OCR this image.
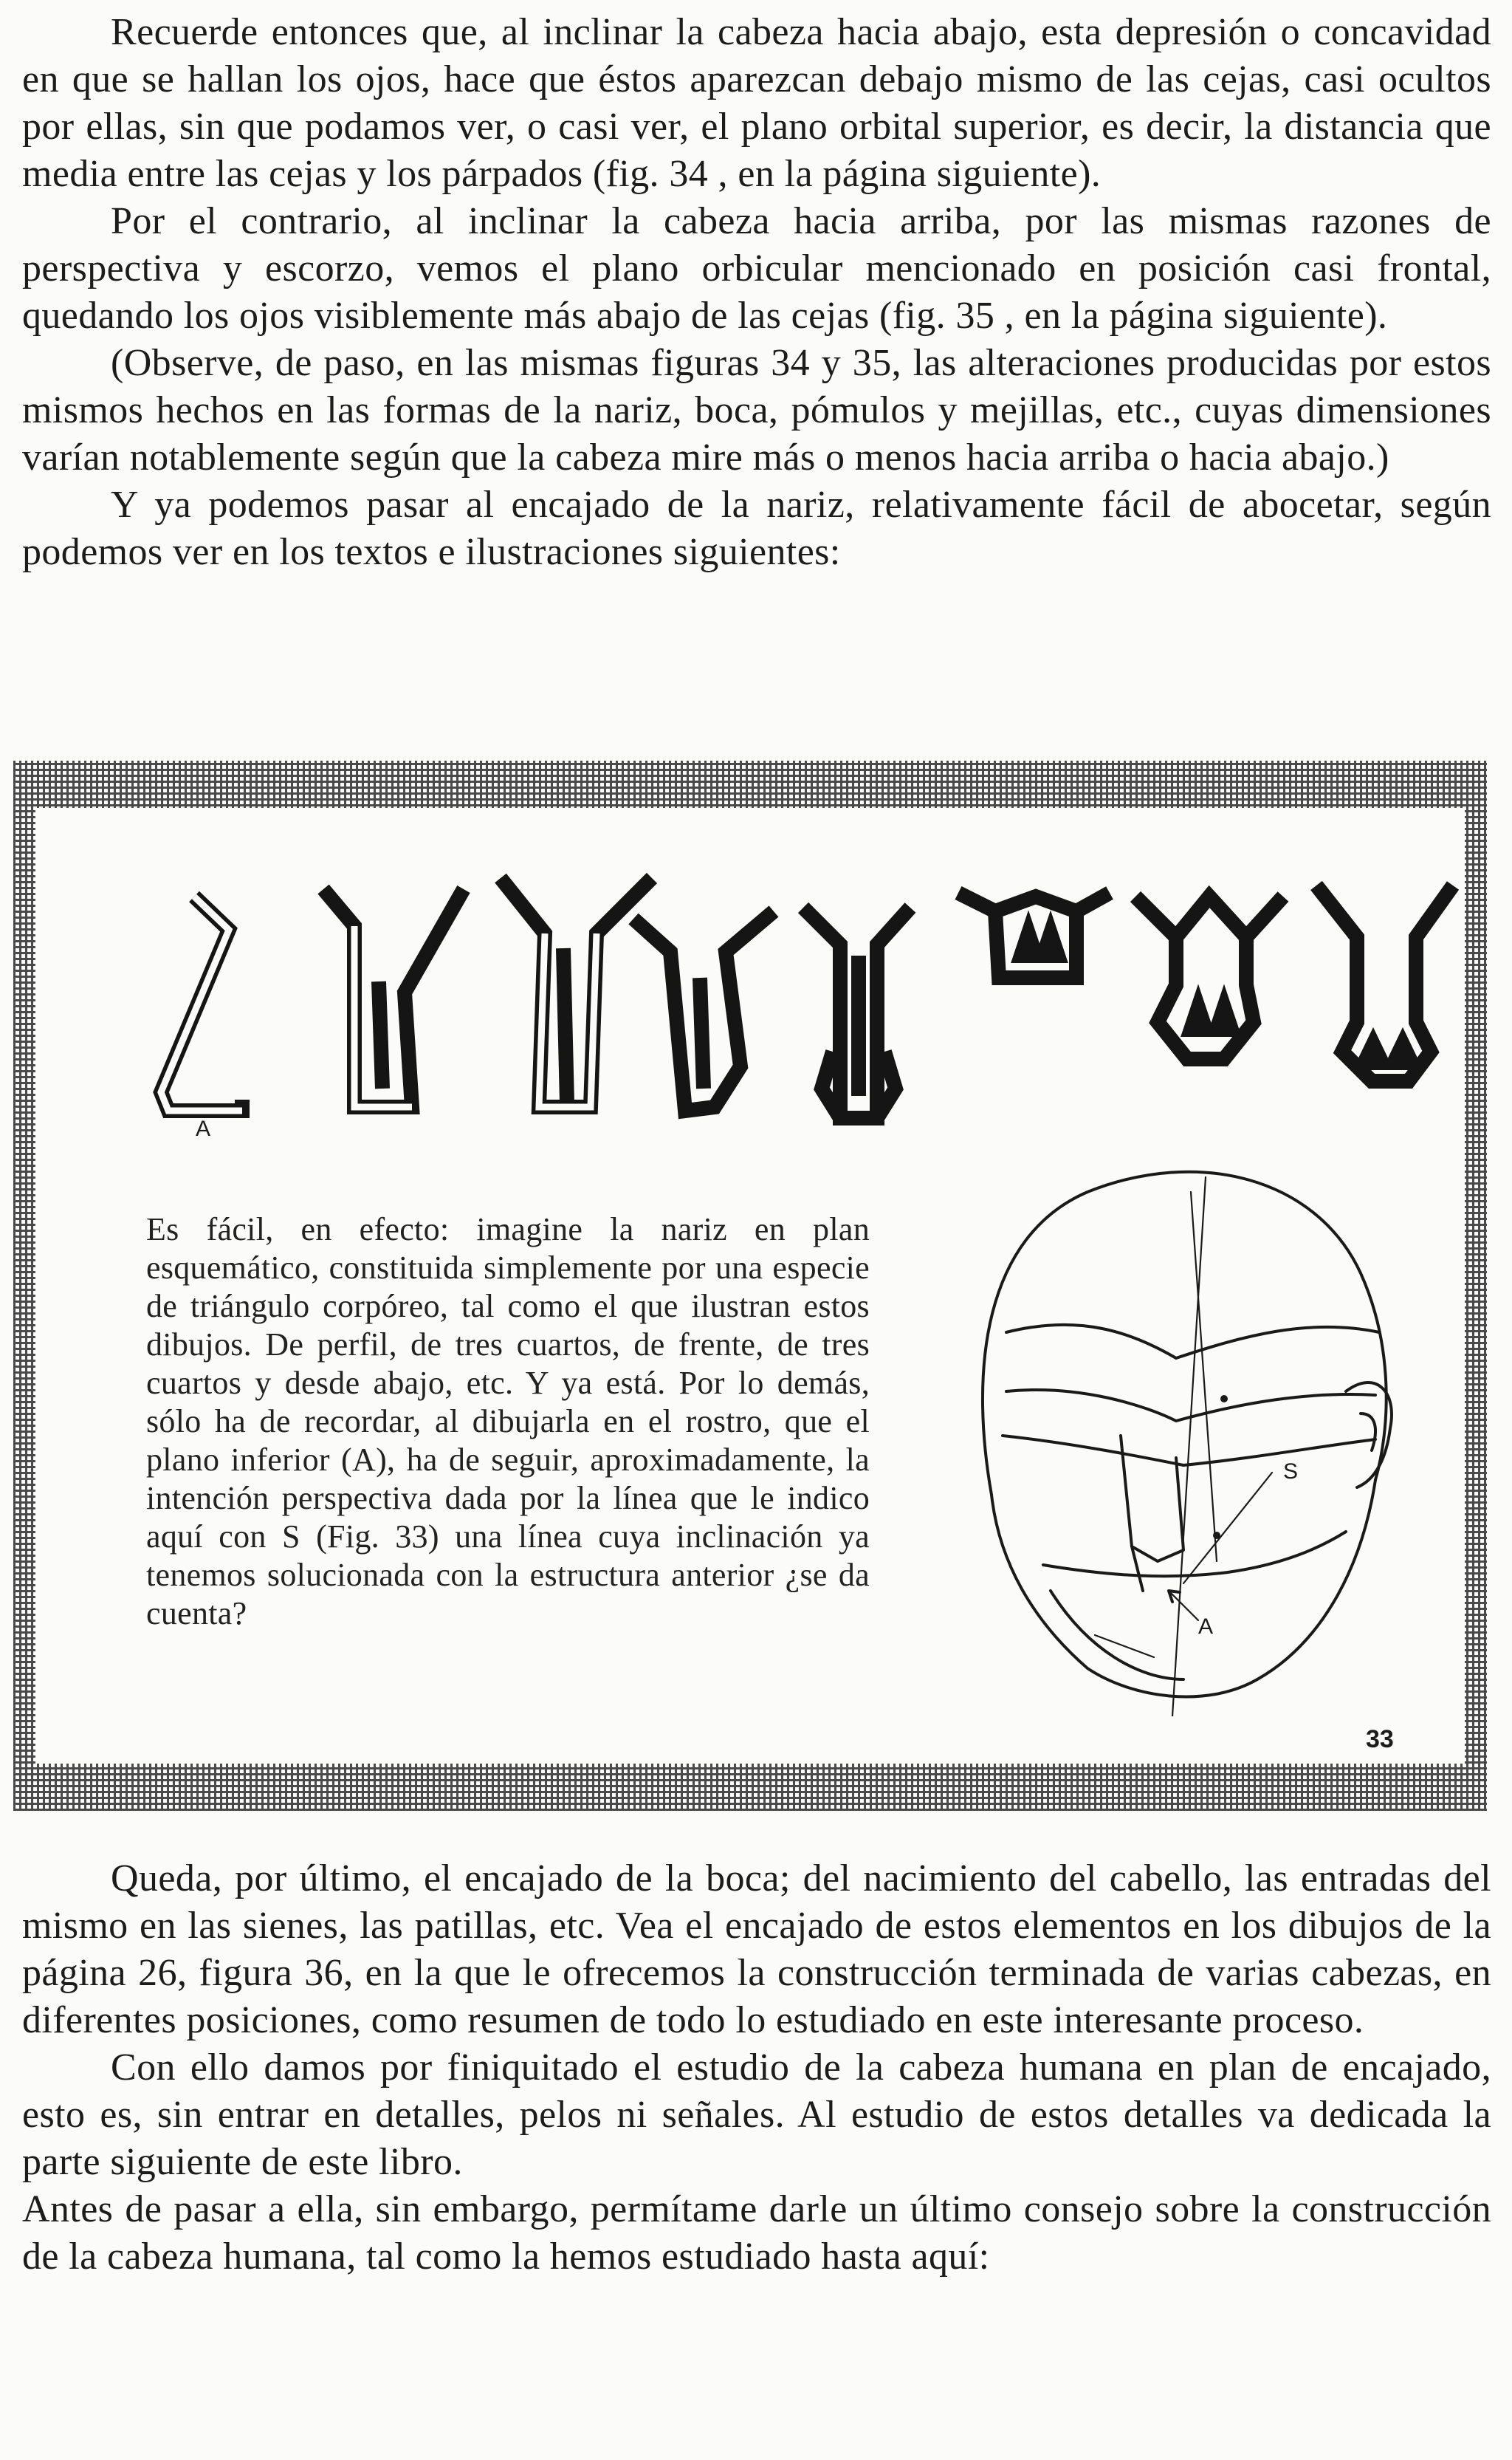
Recuerde entonces que, al inclinar la cabeza hacia abajo, esta depresión o concavidad en que se hallan los ojos, hace que éstos aparezcan debajo mismo de las cejas, casi ocultos por ellas, sin que podamos ver, o casi ver, el plano orbital superior, es decir, la distancia que media entre las cejas y los párpados (fig. 34 , en la página siguiente).

Por el contrario, al inclinar la cabeza hacia arriba, por las mismas razones de perspectiva y escorzo, vemos el plano orbicular mencionado en posición casi frontal, quedando los ojos visiblemente más abajo de las cejas (fig. 35 , en la página siguiente).

(Observe, de paso, en las mismas figuras 34 y 35, las alteraciones producidas por estos mismos hechos en las formas de la nariz, boca, pómulos y mejillas, etc., cuyas dimensiones varían notablemente según que la cabeza mire más o menos hacia arriba o hacia abajo.)

Y ya podemos pasar al encajado de la nariz, relativamente fácil de abocetar, según podemos ver en los textos e ilustraciones siguientes:

A
Es fácil, en efecto: imagine la nariz en plan esquemático, constituida simplemente por una especie de triángulo corpóreo, tal como el que ilustran estos dibujos. De perfil, de tres cuartos, de frente, de tres cuartos y desde abajo, etc. Y ya está. Por lo demás, sólo ha de recordar, al dibujarla en el rostro, que el plano inferior (A), ha de seguir, aproximadamente, la intención perspectiva dada por la línea que le indico aquí con S (Fig. 33) una línea cuya inclinación ya tenemos solucionada con la estructura anterior ¿se da cuenta?
S
A
33

Queda, por último, el encajado de la boca; del nacimiento del cabello, las entradas del mismo en las sienes, las patillas, etc. Vea el encajado de estos elementos en los dibujos de la página 26, figura 36, en la que le ofrecemos la construcción terminada de varias cabezas, en diferentes posiciones, como resumen de todo lo estudiado en este interesante proceso.

Con ello damos por finiquitado el estudio de la cabeza humana en plan de encajado, esto es, sin entrar en detalles, pelos ni señales. Al estudio de estos detalles va dedicada la parte siguiente de este libro.

Antes de pasar a ella, sin embargo, permítame darle un último consejo sobre la construcción de la cabeza humana, tal como la hemos estudiado hasta aquí:
